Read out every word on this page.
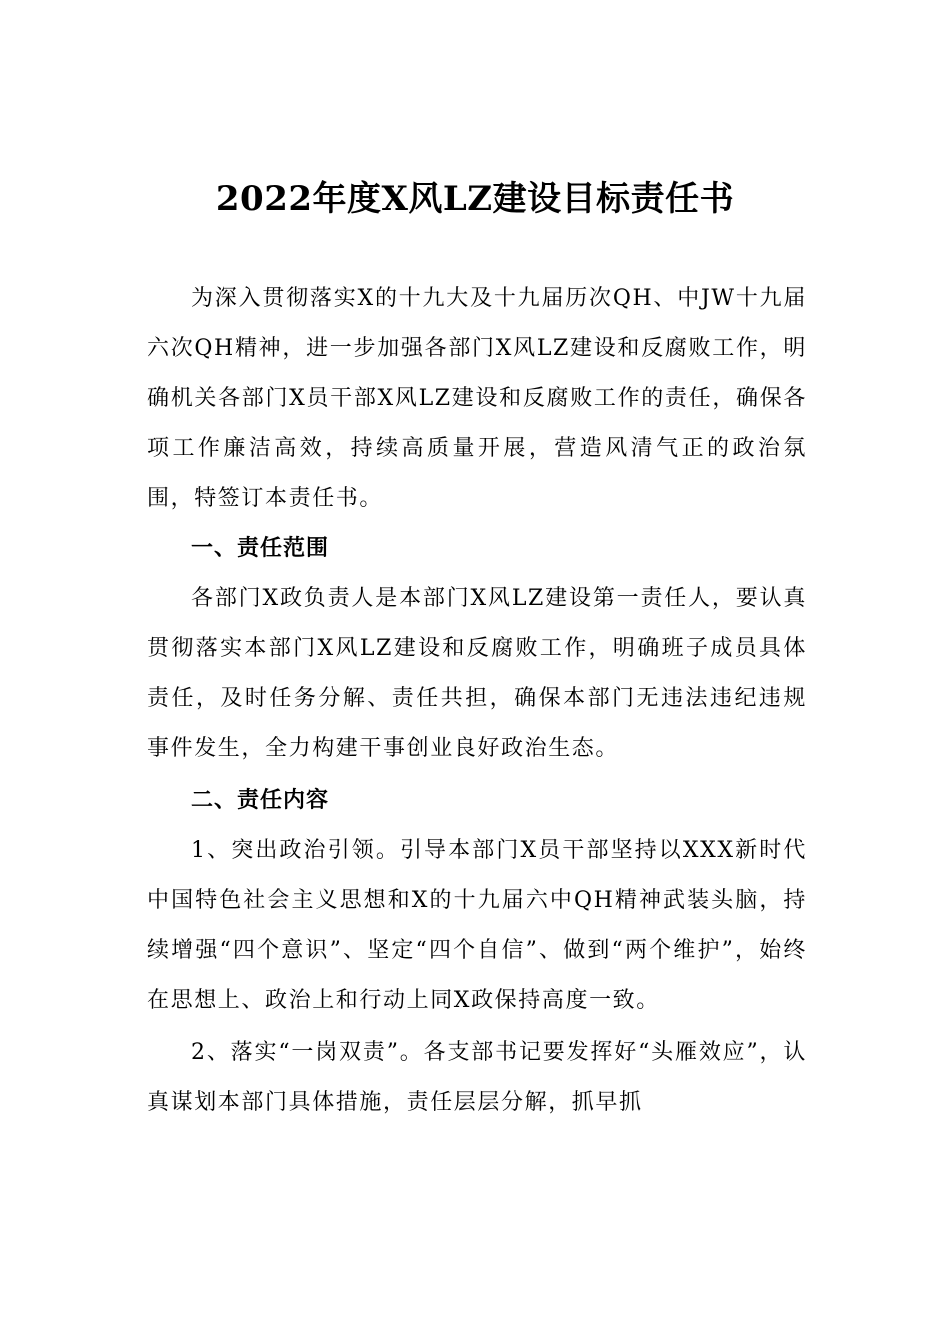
2022年度X风LZ建设目标责任书

为深入贯彻落实X的十九大及十九届历次QH、中JW十九届六次QH精神，进一步加强各部门X风LZ建设和反腐败工作，明确机关各部门X员干部X风LZ建设和反腐败工作的责任，确保各项工作廉洁高效，持续高质量开展，营造风清气正的政治氛围，特签订本责任书。

一、责任范围

各部门X政负责人是本部门X风LZ建设第一责任人，要认真贯彻落实本部门X风LZ建设和反腐败工作，明确班子成员具体责任，及时任务分解、责任共担，确保本部门无违法违纪违规事件发生，全力构建干事创业良好政治生态。

二、责任内容

1、突出政治引领。引导本部门X员干部坚持以XXX新时代中国特色社会主义思想和X的十九届六中QH精神武装头脑，持续增强“四个意识”、坚定“四个自信”、做到“两个维护”，始终在思想上、政治上和行动上同X政保持高度一致。

2、落实“一岗双责”。各支部书记要发挥好“头雁效应”，认真谋划本部门具体措施，责任层层分解，抓早抓
